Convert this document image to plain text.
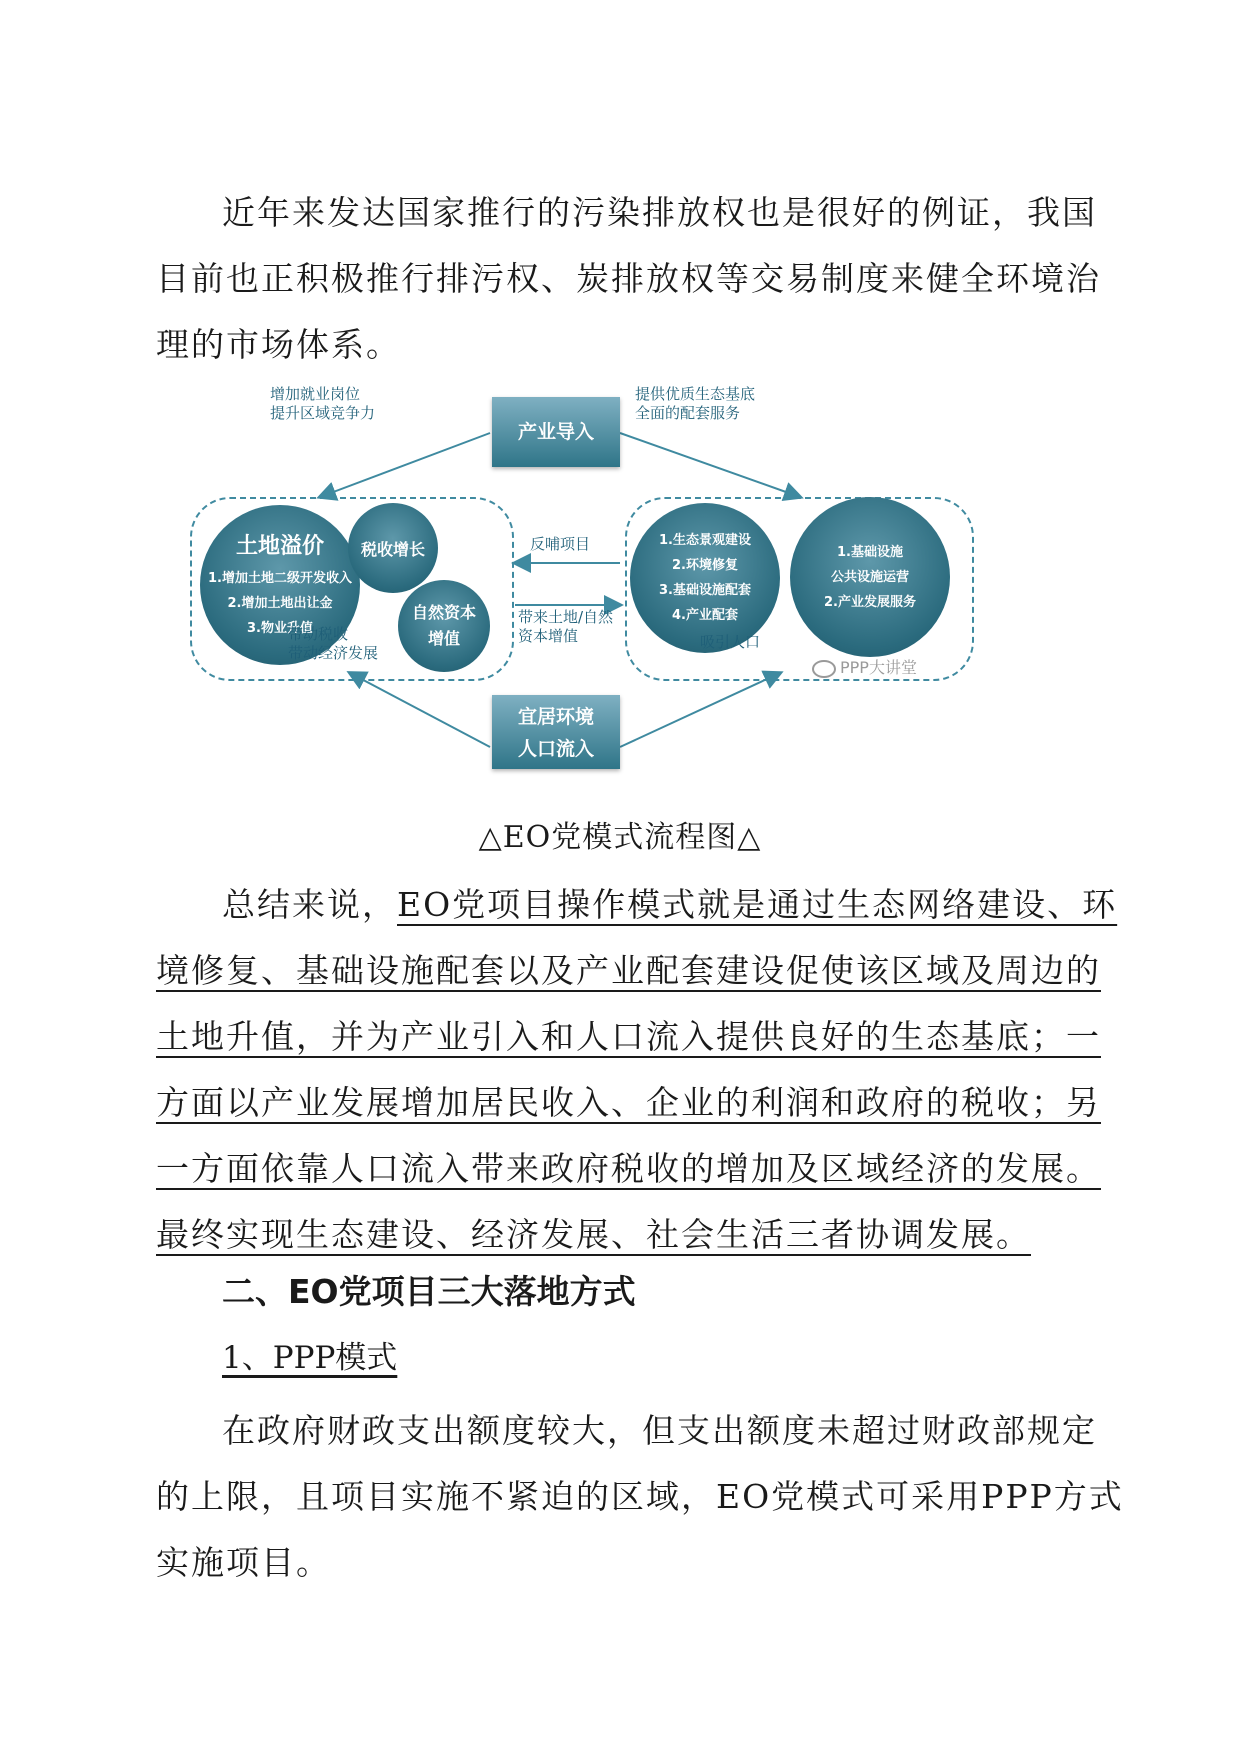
近年来发达国家推行的污染排放权也是很好的例证，我国
目前也正积极推行排污权、炭排放权等交易制度来健全环境治
理的市场体系。
产业导入
宜居环境
人口流入
土地溢价
1.增加土地二级开发收入
2.增加土地出让金
3.物业升值
税收增长
自然资本
增值
1.生态景观建设
2.环境修复
3.基础设施配套
4.产业配套
1.基础设施
公共设施运营
2.产业发展服务
增加就业岗位
提升区域竞争力
提供优质生态基底
全面的配套服务
反哺项目
带来土地/自然
资本增值
带动税收
带动经济发展
吸引人口
PPP大讲堂
△EO党模式流程图△
总结来说，EO党项目操作模式就是通过生态网络建设、环
境修复、基础设施配套以及产业配套建设促使该区域及周边的
土地升值，并为产业引入和人口流入提供良好的生态基底；一
方面以产业发展增加居民收入、企业的利润和政府的税收；另
一方面依靠人口流入带来政府税收的增加及区域经济的发展。
最终实现生态建设、经济发展、社会生活三者协调发展。
二、EO党项目三大落地方式
1、PPP模式
在政府财政支出额度较大，但支出额度未超过财政部规定
的上限，且项目实施不紧迫的区域，EO党模式可采用PPP方式
实施项目。
